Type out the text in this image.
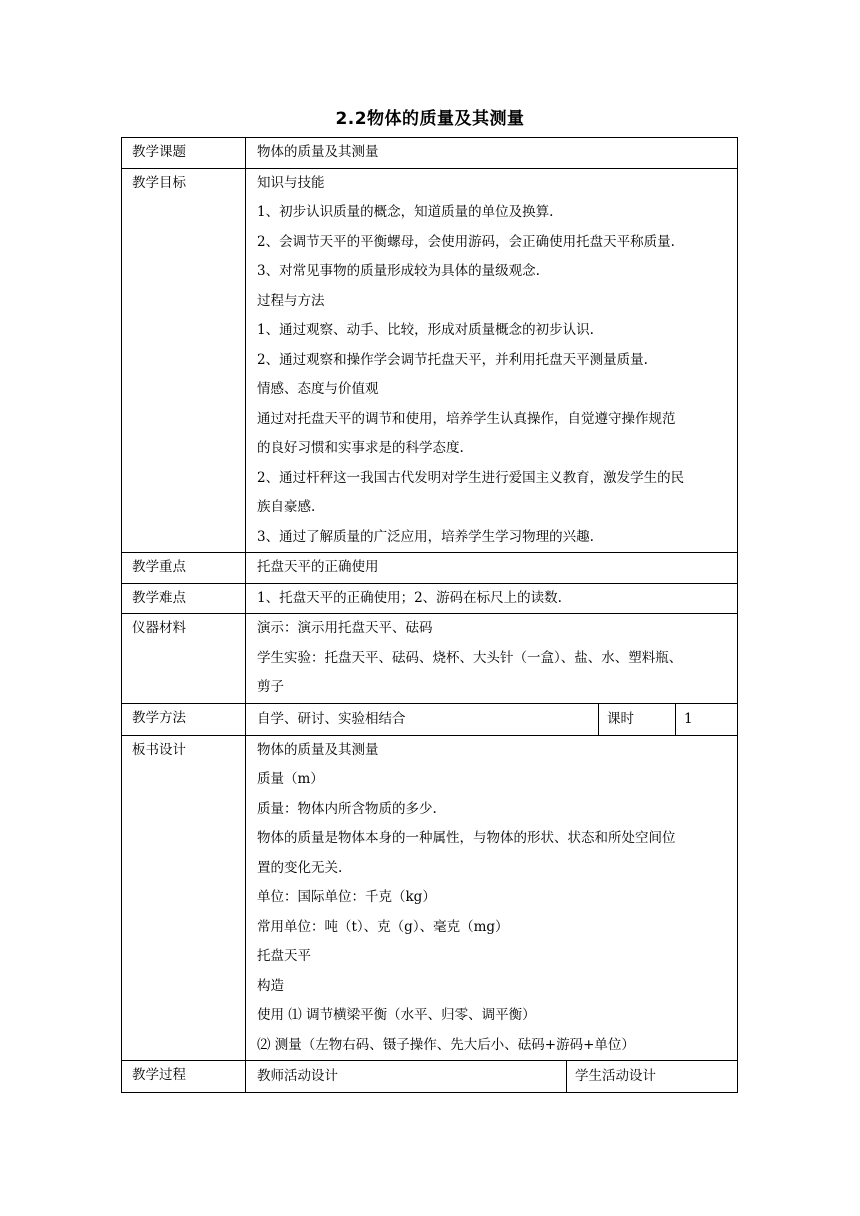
2.2物体的质量及其测量
教学课题	物体的质量及其测量
教学目标	知识与技能
1、初步认识质量的概念，知道质量的单位及换算.
2、会调节天平的平衡螺母，会使用游码，会正确使用托盘天平称质量.
3、对常见事物的质量形成较为具体的量级观念.
过程与方法
1、通过观察、动手、比较，形成对质量概念的初步认识.
2、通过观察和操作学会调节托盘天平，并利用托盘天平测量质量.
情感、态度与价值观
通过对托盘天平的调节和使用，培养学生认真操作，自觉遵守操作规范
的良好习惯和实事求是的科学态度.
2、通过杆秤这一我国古代发明对学生进行爱国主义教育，激发学生的民
族自豪感.
3、通过了解质量的广泛应用，培养学生学习物理的兴趣.
教学重点	托盘天平的正确使用
教学难点	1、托盘天平的正确使用；2、游码在标尺上的读数.
仪器材料	演示：演示用托盘天平、砝码
学生实验：托盘天平、砝码、烧杯、大头针（一盒）、盐、水、塑料瓶、
剪子
教学方法	自学、研讨、实验相结合	课时	1
板书设计	物体的质量及其测量
质量（m）
质量：物体内所含物质的多少.
物体的质量是物体本身的一种属性，与物体的形状、状态和所处空间位
置的变化无关.
单位：国际单位：千克（kg）
常用单位：吨（t）、克（g）、毫克（mg）
托盘天平
构造
使用 ⑴ 调节横梁平衡（水平、归零、调平衡）
⑵ 测量（左物右码、镊子操作、先大后小、砝码+游码+单位）
教学过程	教师活动设计	学生活动设计
